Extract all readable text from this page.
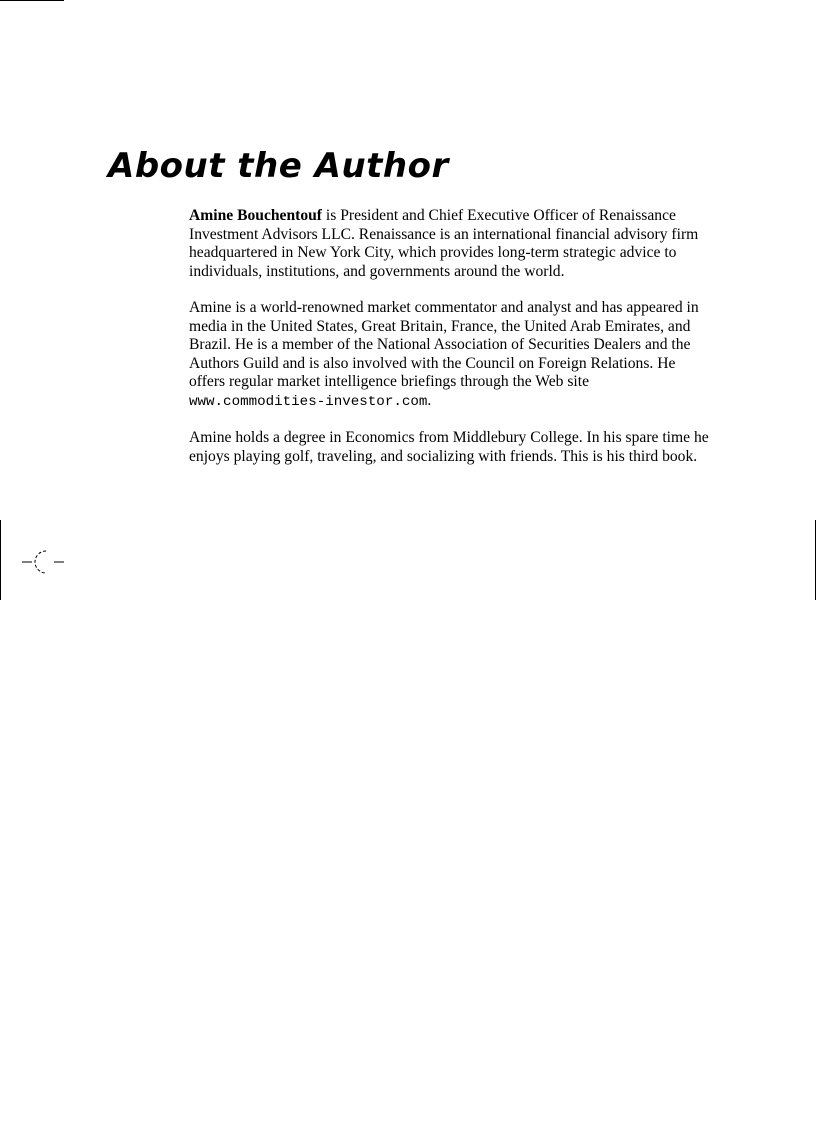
About the Author

Amine Bouchentouf is President and Chief Executive Officer of Renaissance Investment Advisors LLC. Renaissance is an international financial advisory firm headquartered in New York City, which provides long-term strategic advice to individuals, institutions, and governments around the world.

Amine is a world-renowned market commentator and analyst and has appeared in media in the United States, Great Britain, France, the United Arab Emirates, and Brazil. He is a member of the National Association of Securities Dealers and the Authors Guild and is also involved with the Council on Foreign Relations. He offers regular market intelligence briefings through the Web site www.commodities-investor.com.

Amine holds a degree in Economics from Middlebury College. In his spare time he enjoys playing golf, traveling, and socializing with friends. This is his third book.
